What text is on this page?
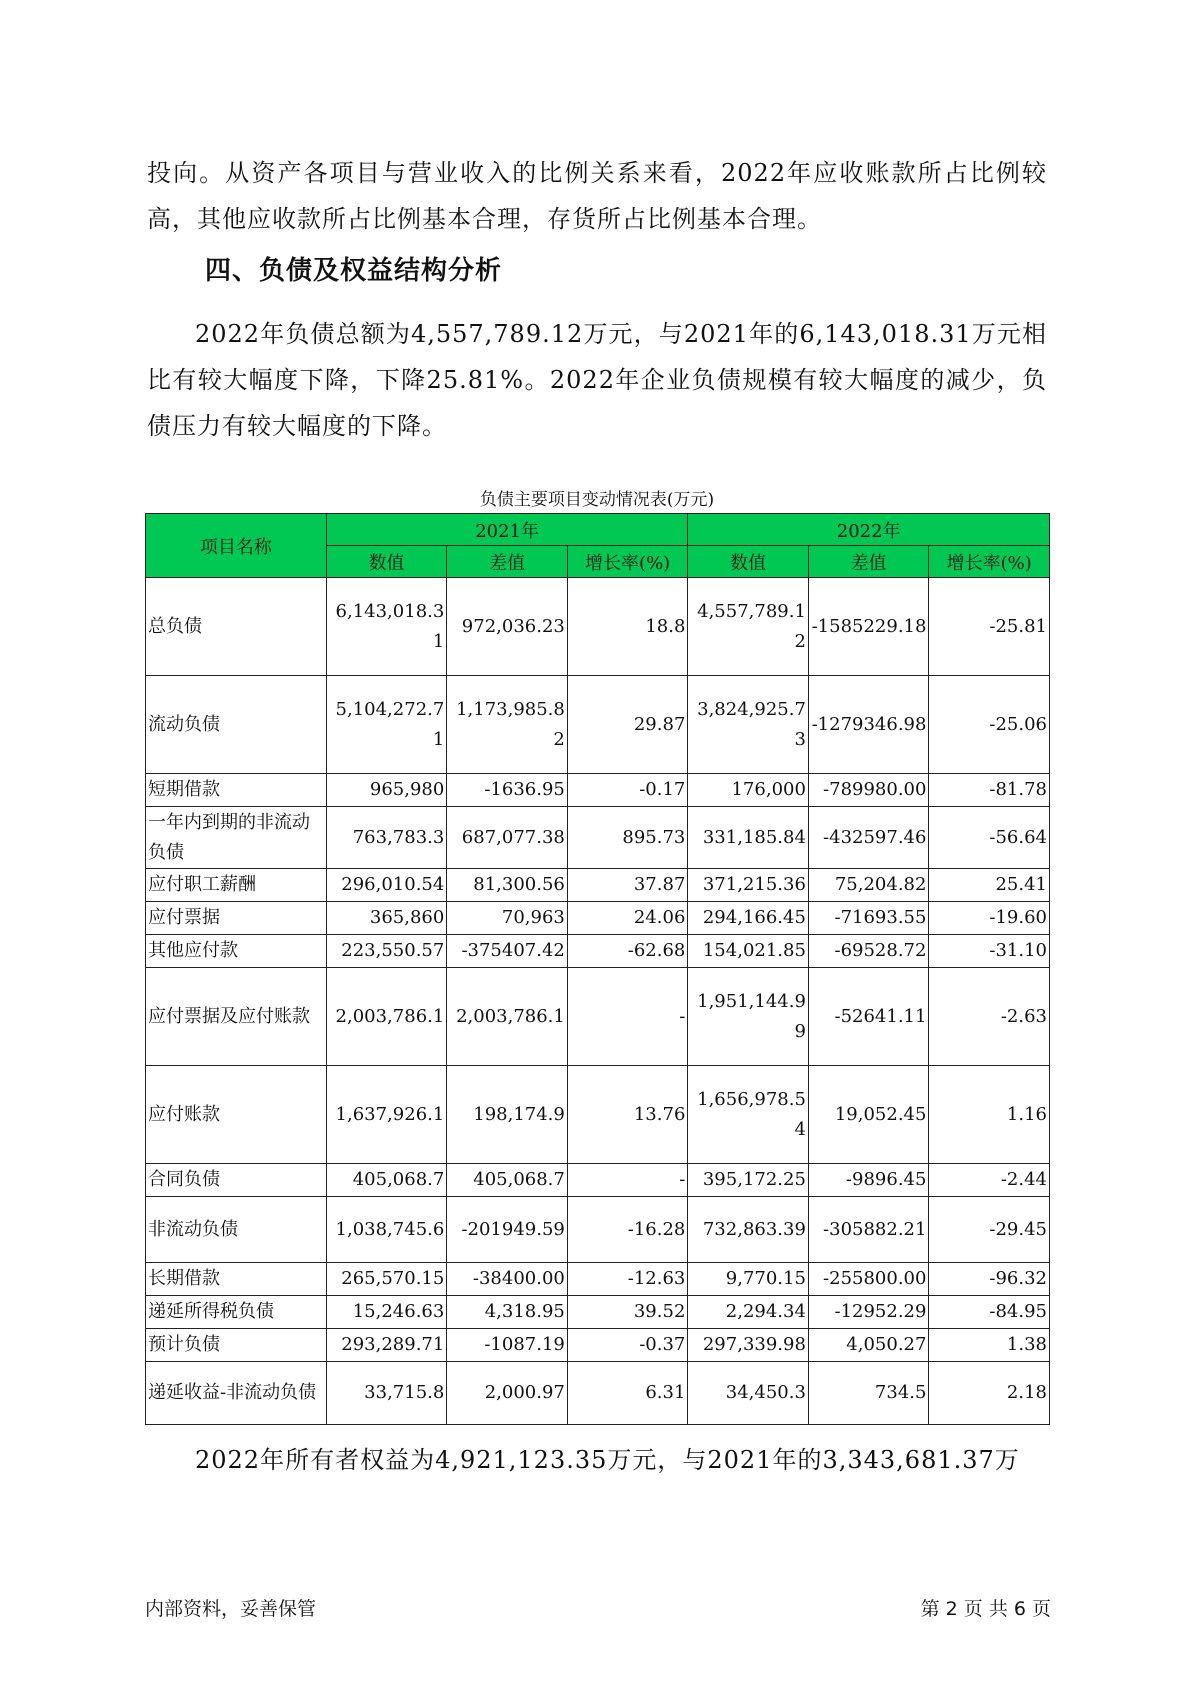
投向。从资产各项目与营业收入的比例关系来看，2022年应收账款所占比例较高，其他应收款所占比例基本合理，存货所占比例基本合理。

四、负债及权益结构分析

2022年负债总额为4,557,789.12万元，与2021年的6,143,018.31万元相比有较大幅度下降，下降25.81%。2022年企业负债规模有较大幅度的减少，负债压力有较大幅度的下降。

负债主要项目变动情况表(万元)

项目名称	2021年			2022年		
	数值	差值	增长率(%)	数值	差值	增长率(%)
总负债	6,143,018.31	972,036.23	18.8	4,557,789.12	-1585229.18	-25.81
流动负债	5,104,272.71	1,173,985.82	29.87	3,824,925.73	-1279346.98	-25.06
短期借款	965,980	-1636.95	-0.17	176,000	-789980.00	-81.78
一年内到期的非流动负债	763,783.3	687,077.38	895.73	331,185.84	-432597.46	-56.64
应付职工薪酬	296,010.54	81,300.56	37.87	371,215.36	75,204.82	25.41
应付票据	365,860	70,963	24.06	294,166.45	-71693.55	-19.60
其他应付款	223,550.57	-375407.42	-62.68	154,021.85	-69528.72	-31.10
应付票据及应付账款	2,003,786.1	2,003,786.1	-	1,951,144.99	-52641.11	-2.63
应付账款	1,637,926.1	198,174.9	13.76	1,656,978.54	19,052.45	1.16
合同负债	405,068.7	405,068.7	-	395,172.25	-9896.45	-2.44
非流动负债	1,038,745.6	-201949.59	-16.28	732,863.39	-305882.21	-29.45
长期借款	265,570.15	-38400.00	-12.63	9,770.15	-255800.00	-96.32
递延所得税负债	15,246.63	4,318.95	39.52	2,294.34	-12952.29	-84.95
预计负债	293,289.71	-1087.19	-0.37	297,339.98	4,050.27	1.38
递延收益-非流动负债	33,715.8	2,000.97	6.31	34,450.3	734.5	2.18

2022年所有者权益为4,921,123.35万元，与2021年的3,343,681.37万

内部资料，妥善保管	第 2 页 共 6 页
